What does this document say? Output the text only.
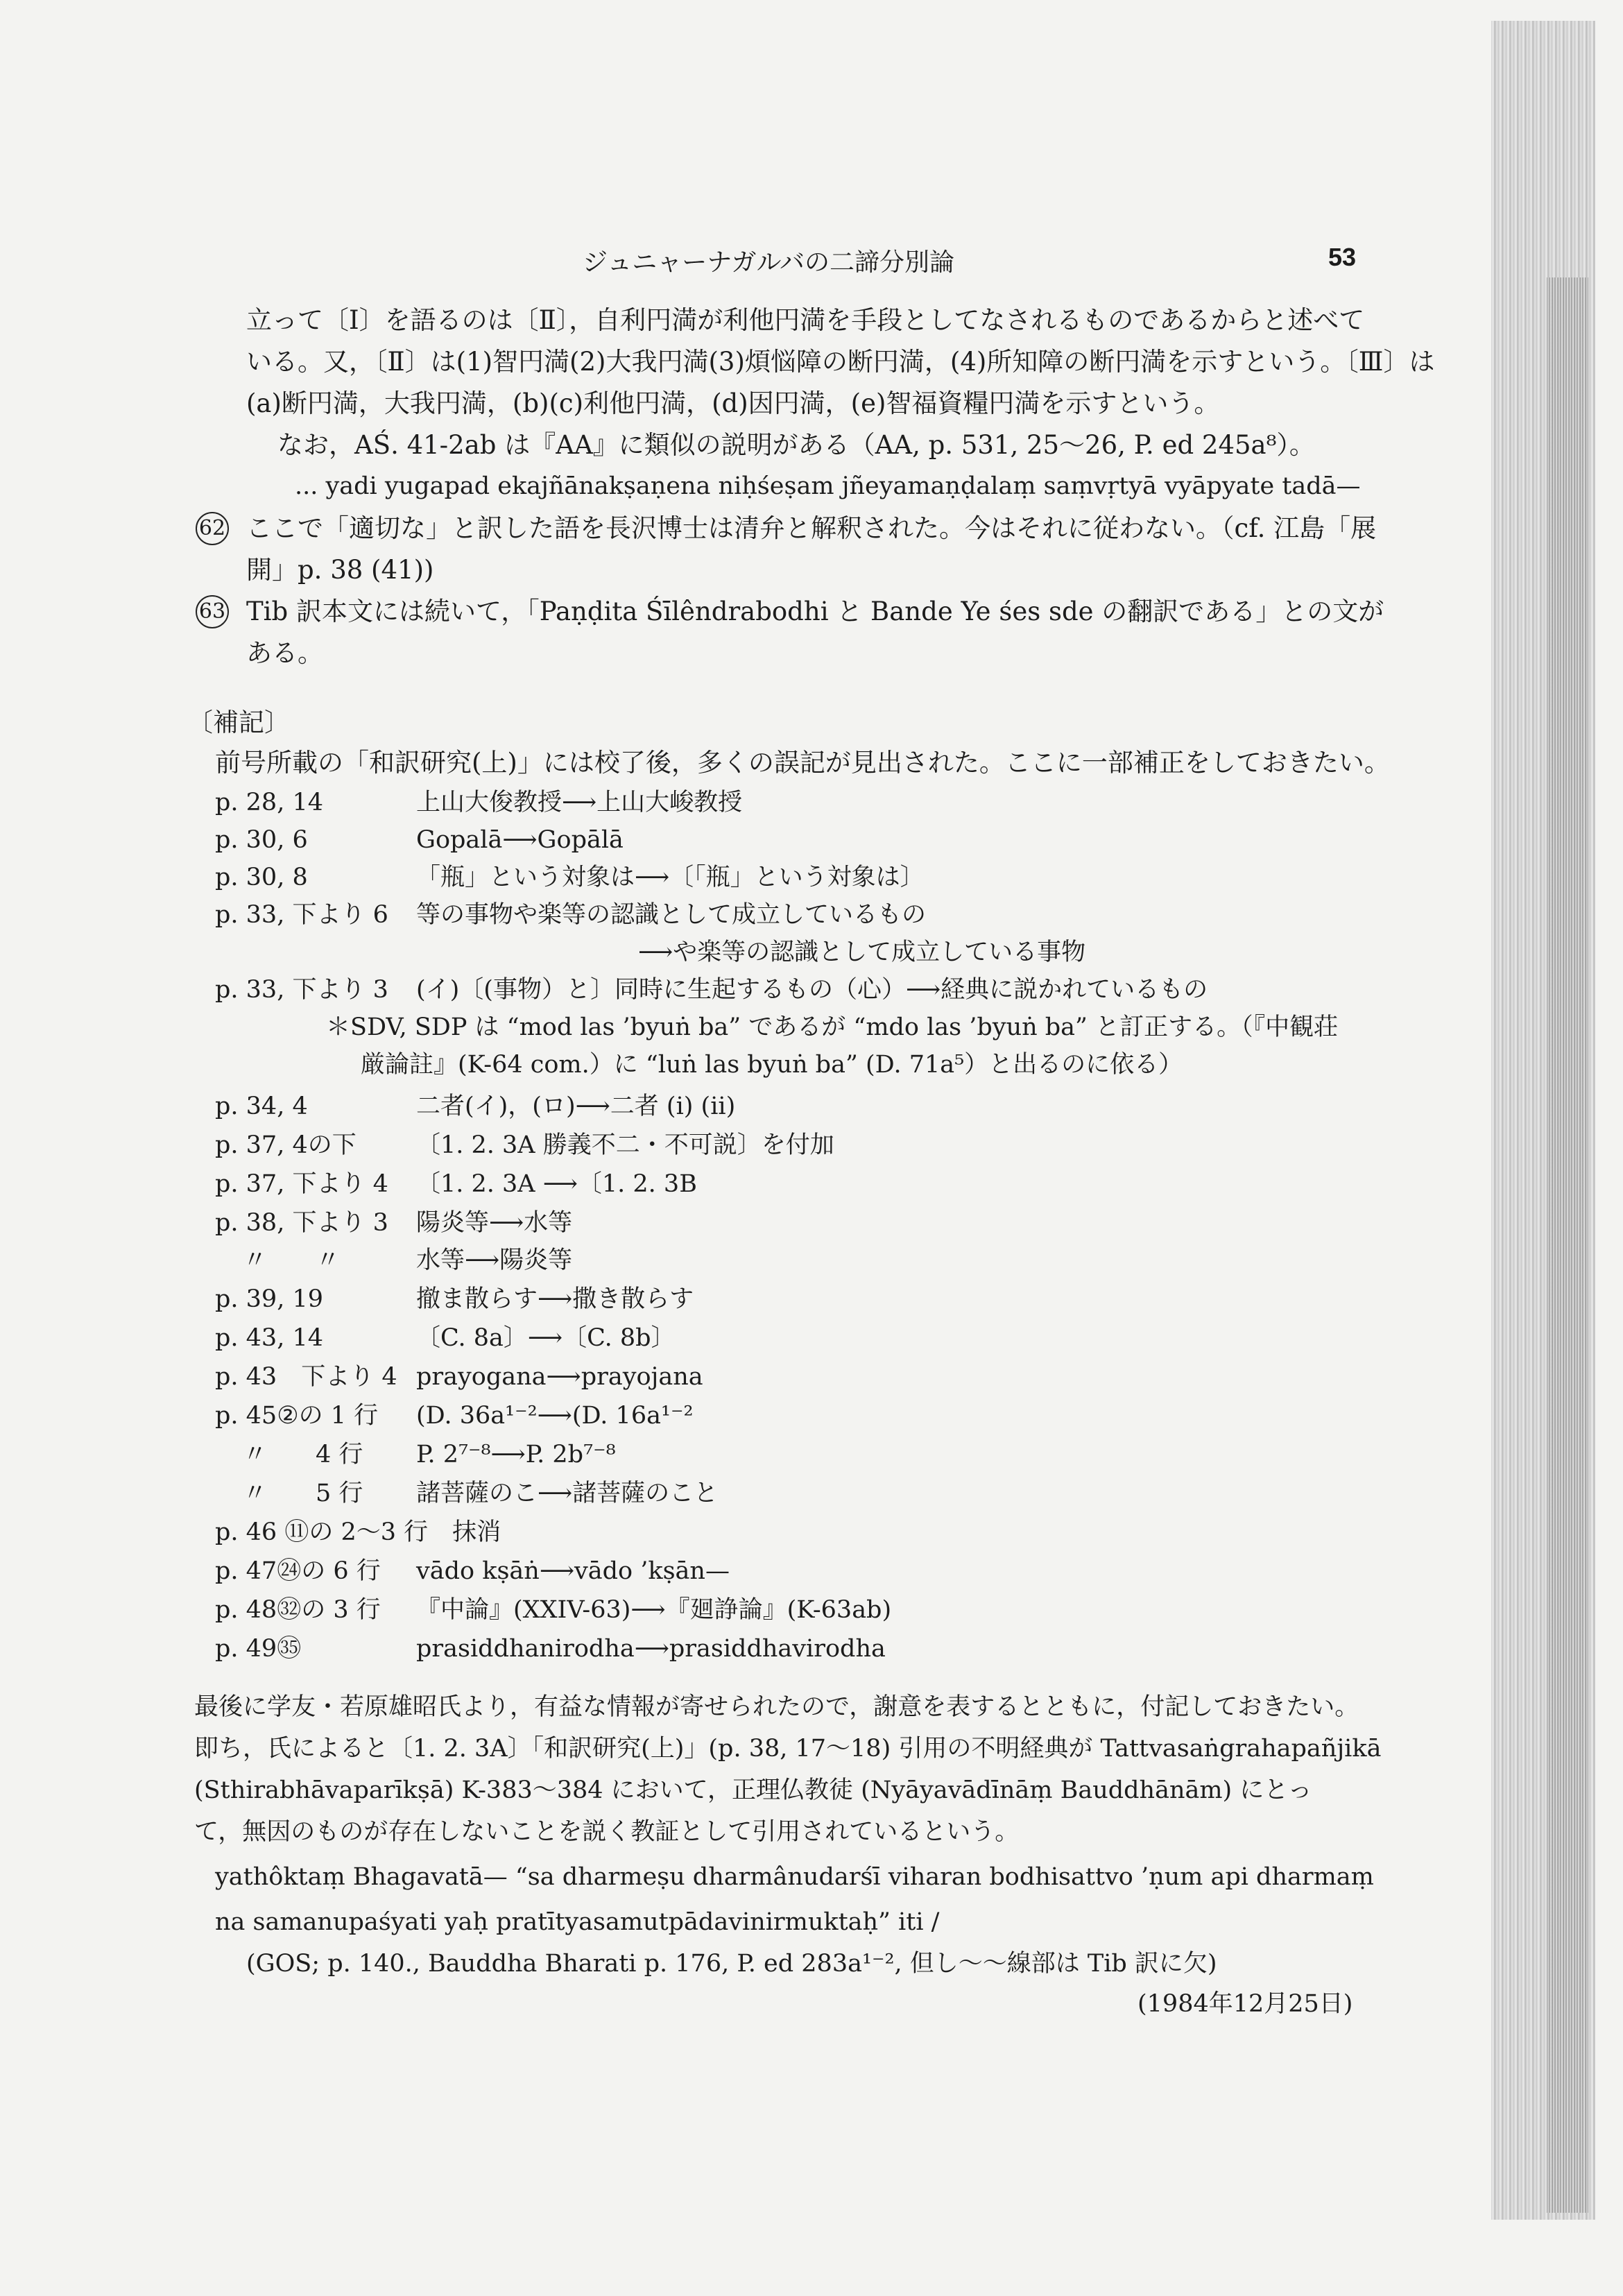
ジュニャーナガルバの二諦分別論	53
立って〔Ⅰ〕を語るのは〔Ⅱ〕，自利円満が利他円満を手段としてなされるものであるからと述べて
いる。又，〔Ⅱ〕は(1)智円満(2)大我円満(3)煩悩障の断円満，(4)所知障の断円満を示すという。〔Ⅲ〕は
(a)断円満，大我円満，(b)(c)利他円満，(d)因円満，(e)智福資糧円満を示すという。
なお，AŚ. 41-2ab は『AA』に類似の説明がある（AA, p. 531, 25〜26, P. ed 245a⁸）。
... yadi yugapad ekajñānakṣaṇena niḥśeṣam jñeyamaṇḍalaṃ saṃvṛtyā vyāpyate tadā—
62 ここで「適切な」と訳した語を長沢博士は清弁と解釈された。今はそれに従わない。（cf. 江島「展
開」p. 38 (41))
63 Tib 訳本文には続いて，「Paṇḍita Śīlêndrabodhi と Bande Ye śes sde の翻訳である」との文が
ある。
〔補記〕
前号所載の「和訳研究(上)」には校了後，多くの誤記が見出された。ここに一部補正をしておきたい。
p. 28, 14	上山大俊教授⟶上山大峻教授
p. 30, 6	Gopalā⟶Gopālā
p. 30, 8	「瓶」という対象は⟶〔「瓶」という対象は〕
p. 33, 下より 6 等の事物や楽等の認識として成立しているもの
⟶や楽等の認識として成立している事物
p. 33, 下より 3 (イ)〔(事物）と〕同時に生起するもの（心）⟶経典に説かれているもの
＊SDV, SDP は “mod las ’byuṅ ba” であるが “mdo las ’byuṅ ba” と訂正する。（『中観荘
厳論註』(K-64 com.）に “luṅ las byuṅ ba” (D. 71a⁵）と出るのに依る）
p. 34, 4	二者(イ)，(ロ)⟶二者 (i) (ii)
p. 37, 4の下 〔1. 2. 3A 勝義不二・不可説〕を付加
p. 37, 下より 4 〔1. 2. 3A ⟶〔1. 2. 3B
p. 38, 下より 3 陽炎等⟶水等
〃　　〃	水等⟶陽炎等
p. 39, 19	撤ま散らす⟶撒き散らす
p. 43, 14	〔C. 8a〕⟶〔C. 8b〕
p. 43　下より 4 prayogana⟶prayojana
p. 45②の 1 行 (D. 36a¹⁻²⟶(D. 16a¹⁻²
〃　　4 行 P. 2⁷⁻⁸⟶P. 2b⁷⁻⁸
〃　　5 行 諸菩薩のこ⟶諸菩薩のこと
p. 46 ⑪の 2〜3 行　抹消
p. 47㉔の 6 行 vādo kṣāṅ⟶vādo ’kṣān—
p. 48㉜の 3 行 『中論』(XXIV-63)⟶『廻諍論』(K-63ab)
p. 49㉟	prasiddhanirodha⟶prasiddhavirodha
最後に学友・若原雄昭氏より，有益な情報が寄せられたので，謝意を表するとともに，付記しておきたい。
即ち，氏によると〔1. 2. 3A〕「和訳研究(上)」(p. 38, 17〜18) 引用の不明経典が Tattvasaṅgrahapañjikā
(Sthirabhāvaparīkṣā) K-383〜384 において，正理仏教徒 (Nyāyavādīnāṃ Bauddhānām) にとっ
て，無因のものが存在しないことを説く教証として引用されているという。
yathôktaṃ Bhagavatā— “sa dharmeṣu dharmânudarśī viharan bodhisattvo ’ṇum api dharmaṃ
na samanupaśyati yaḥ pratītyasamutpādavinirmuktaḥ” iti /
(GOS; p. 140., Bauddha Bharati p. 176, P. ed 283a¹⁻², 但し〜〜線部は Tib 訳に欠)
(1984年12月25日)
